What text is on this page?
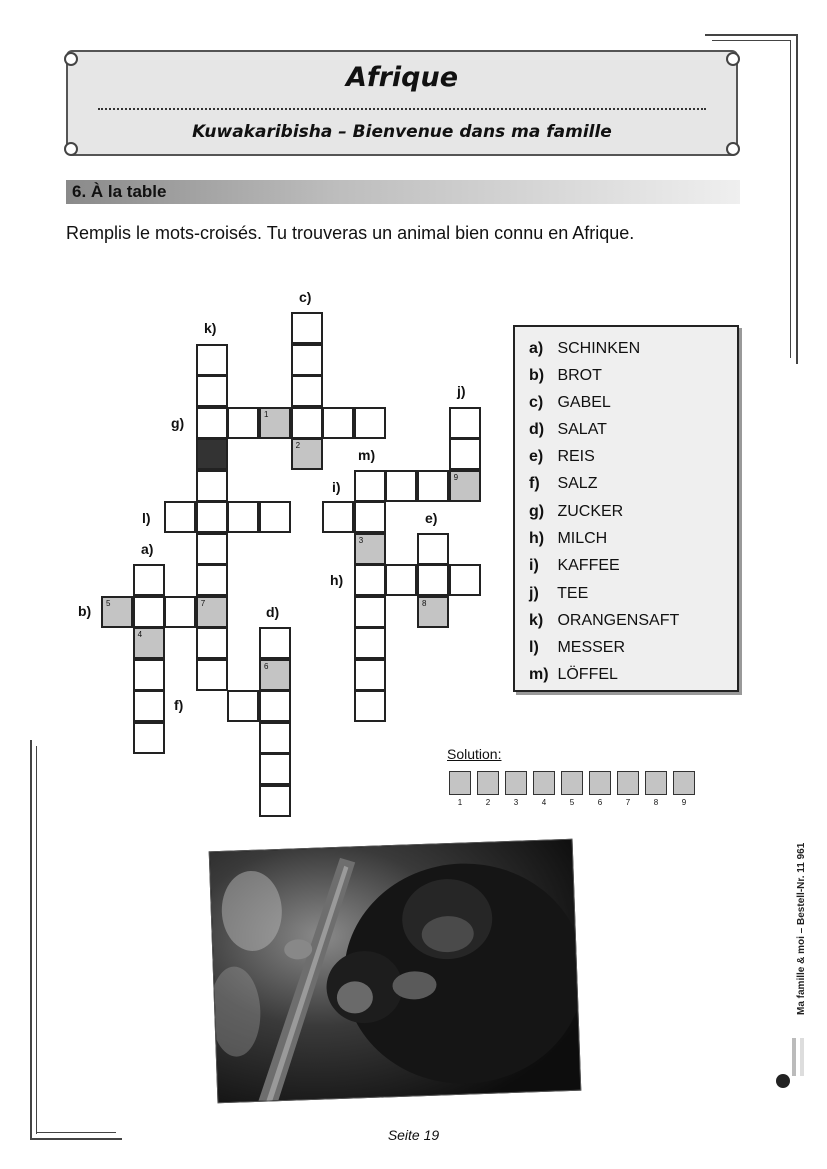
Afrique
Kuwakaribisha – Bienvenue dans ma famille
6. À la table
Remplis le mots-croisés. Tu trouveras un animal bien connu en Afrique.
2
7
1
9
3
8
4
5
6
a)
b)
c)
d)
e)
f)
g)
h)
i)
j)
k)
l)
m)
a) SCHINKEN
b) BROT
c) GABEL
d) SALAT
e) REIS
f) SALZ
g) ZUCKER
h) MILCH
i) KAFFEE
j) TEE
k) ORANGENSAFT
l) MESSER
m) LÖFFEL
Solution:
1	2	3	4	5	6	7	8	9
Ma famille & moi – Bestell-Nr. 11 961
Seite 19
